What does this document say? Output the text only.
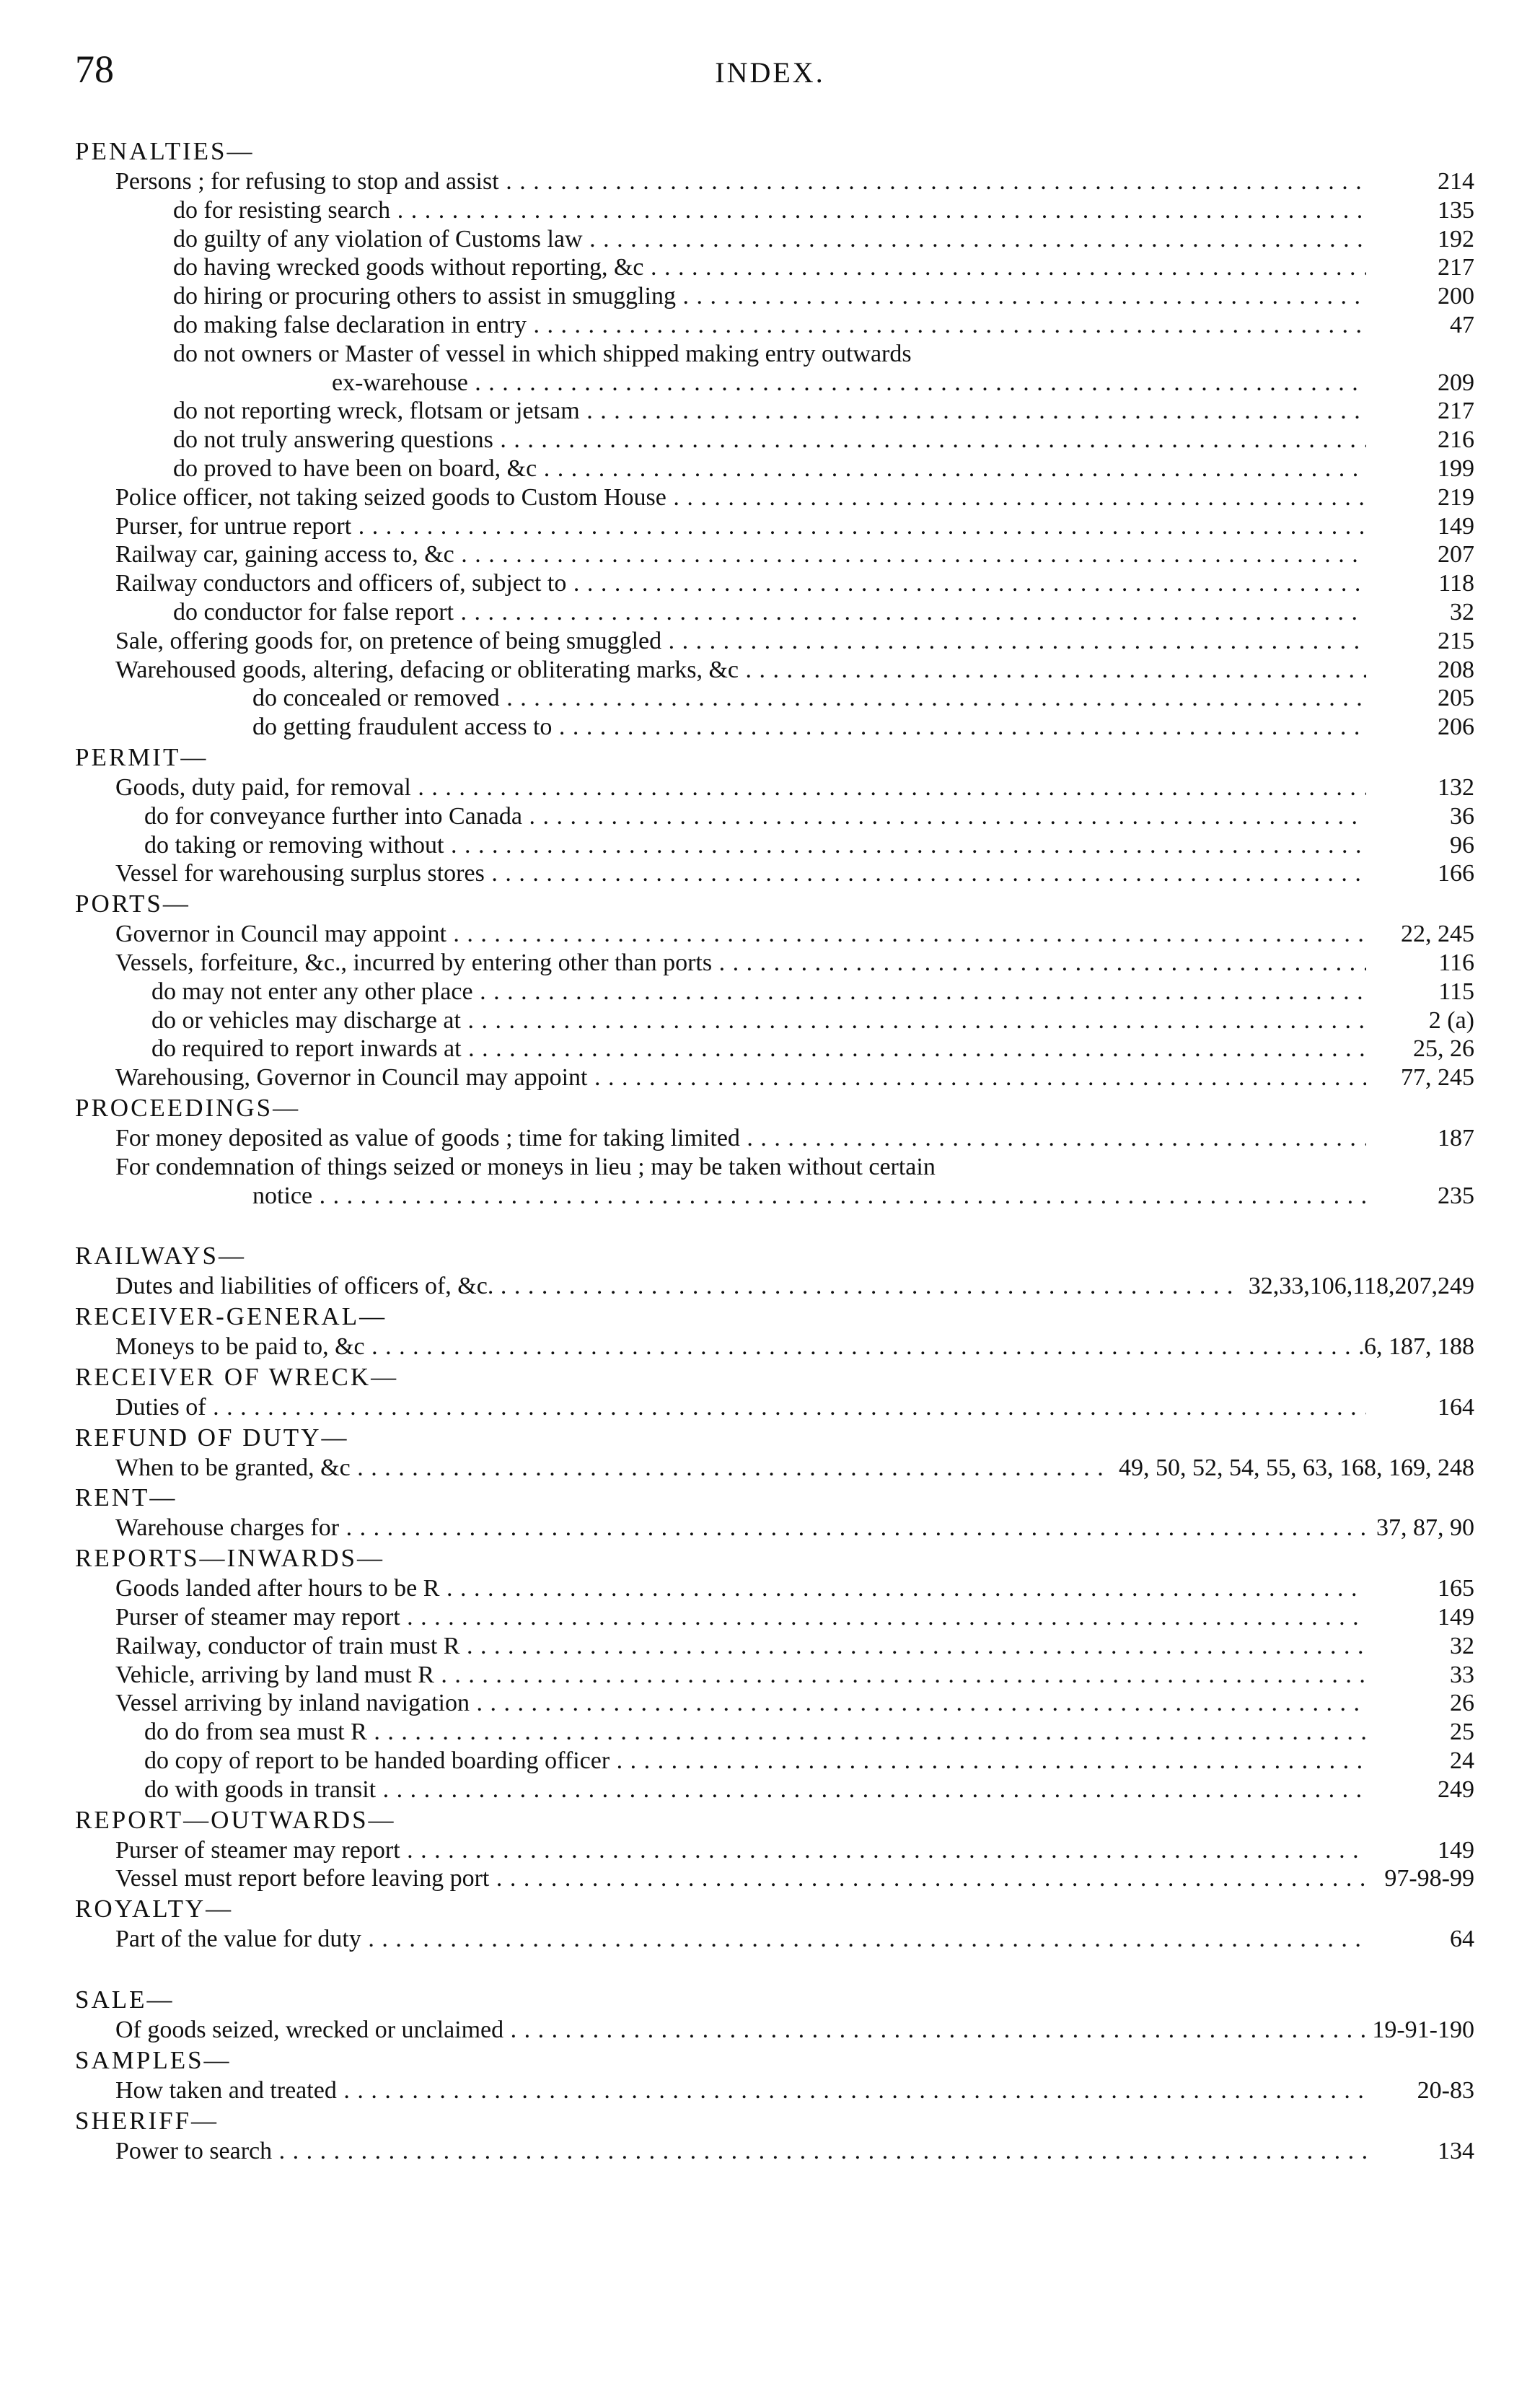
78	INDEX.
PENALTIES—
Persons ; for refusing to stop and assist . . .	214
do for resisting search . . .	135
do guilty of any violation of Customs law . . .	192
do having wrecked goods without reporting, &c . . .	217
do hiring or procuring others to assist in smuggling . . .	200
do making false declaration in entry . . .	47
do not owners or Master of vessel in which shipped making entry outwards
ex-warehouse . . .	209
do not reporting wreck, flotsam or jetsam . . .	217
do not truly answering questions . . .	216
do proved to have been on board, &c . . .	199
Police officer, not taking seized goods to Custom House . . .	219
Purser, for untrue report . . .	149
Railway car, gaining access to, &c . . .	207
Railway conductors and officers of, subject to . . .	118
do conductor for false report . . .	32
Sale, offering goods for, on pretence of being smuggled . . .	215
Warehoused goods, altering, defacing or obliterating marks, &c . . .	208
do concealed or removed . . .	205
do getting fraudulent access to . . .	206
PERMIT—
Goods, duty paid, for removal . . .	132
do for conveyance further into Canada . . .	36
do taking or removing without . . .	96
Vessel for warehousing surplus stores . . .	166
PORTS—
Governor in Council may appoint . . .	22, 245
Vessels, forfeiture, &c., incurred by entering other than ports . . .	116
do may not enter any other place . . .	115
do or vehicles may discharge at . . .	2 (a)
do required to report inwards at . . .	25, 26
Warehousing, Governor in Council may appoint . . .	77, 245
PROCEEDINGS—
For money deposited as value of goods ; time for taking limited . . .	187
For condemnation of things seized or moneys in lieu ; may be taken without certain
notice . . .	235
RAILWAYS—
Dutes and liabilities of officers of, &c. . . .	32,33,106,118,207,249
RECEIVER-GENERAL—
Moneys to be paid to, &c . . .	6, 187, 188
RECEIVER OF WRECK—
Duties of . . .	164
REFUND OF DUTY—
When to be granted, &c . . .	49, 50, 52, 54, 55, 63, 168, 169, 248
RENT—
Warehouse charges for . . .	37, 87, 90
REPORTS—INWARDS—
Goods landed after hours to be R . . .	165
Purser of steamer may report . . .	149
Railway, conductor of train must R . . .	32
Vehicle, arriving by land must R . . .	33
Vessel arriving by inland navigation . . .	26
do do from sea must R . . .	25
do copy of report to be handed boarding officer . . .	24
do with goods in transit . . .	249
REPORT—OUTWARDS—
Purser of steamer may report . . .	149
Vessel must report before leaving port . . .	97-98-99
ROYALTY—
Part of the value for duty . . .	64
SALE—
Of goods seized, wrecked or unclaimed . . .	19-91-190
SAMPLES—
How taken and treated . . .	20-83
SHERIFF—
Power to search . . .	134
